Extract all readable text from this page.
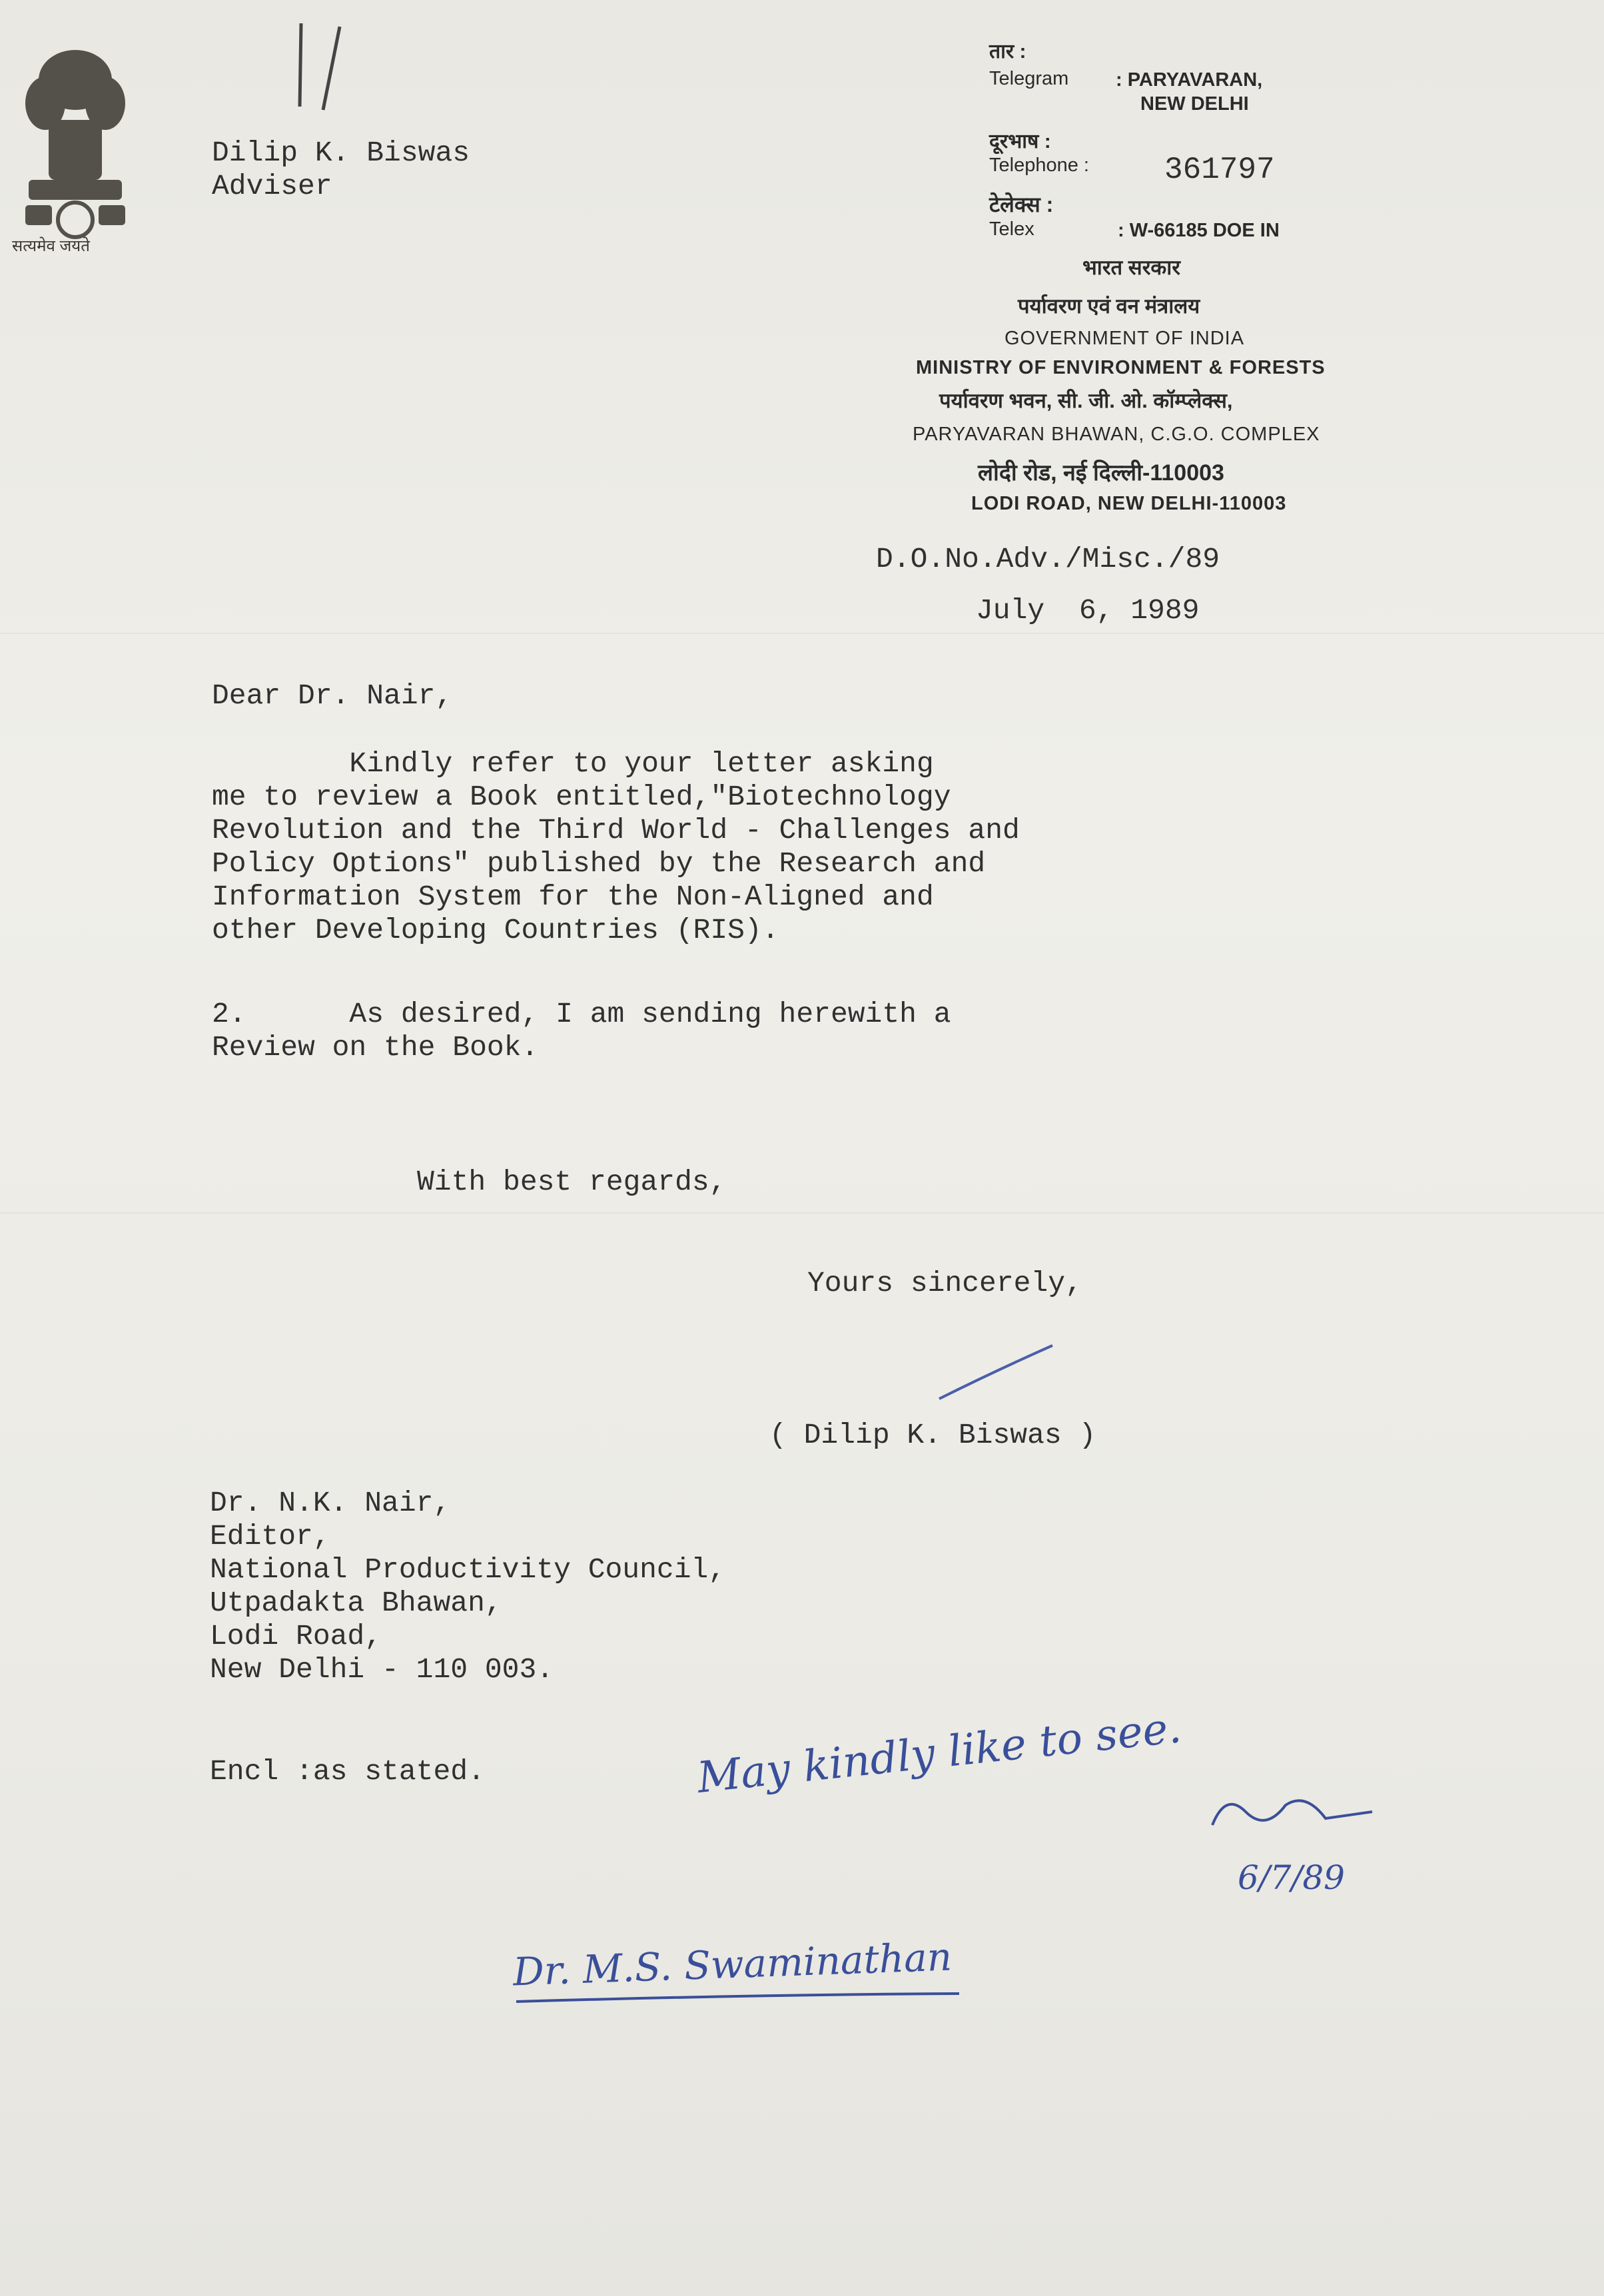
सत्यमेव जयते
Dilip K. Biswas
Adviser
तार :
Telegram : PARYAVARAN,
NEW DELHI
दूरभाष :
Telephone : 361797
टेलेक्स :
Telex	: W-66185 DOE IN
भारत सरकार
पर्यावरण एवं वन मंत्रालय
GOVERNMENT OF INDIA
MINISTRY OF ENVIRONMENT & FORESTS
पर्यावरण भवन, सी. जी. ओ. कॉम्प्लेक्स,
PARYAVARAN BHAWAN, C.G.O. COMPLEX
लोदी रोड, नई दिल्ली-110003
LODI ROAD, NEW DELHI-110003
D.O.No.Adv./Misc./89
July  6, 1989
Dear Dr. Nair,
Kindly refer to your letter asking
me to review a Book entitled,"Biotechnology
Revolution and the Third World - Challenges and
Policy Options" published by the Research and
Information System for the Non-Aligned and
other Developing Countries (RIS).
2.      As desired, I am sending herewith a
Review on the Book.
With best regards,
Yours sincerely,
( Dilip K. Biswas )
Dr. N.K. Nair,
Editor,
National Productivity Council,
Utpadakta Bhawan,
Lodi Road,
New Delhi - 110 003.
Encl :as stated.	May kindly like to see.
6/7/89
Dr. M.S. Swaminathan
